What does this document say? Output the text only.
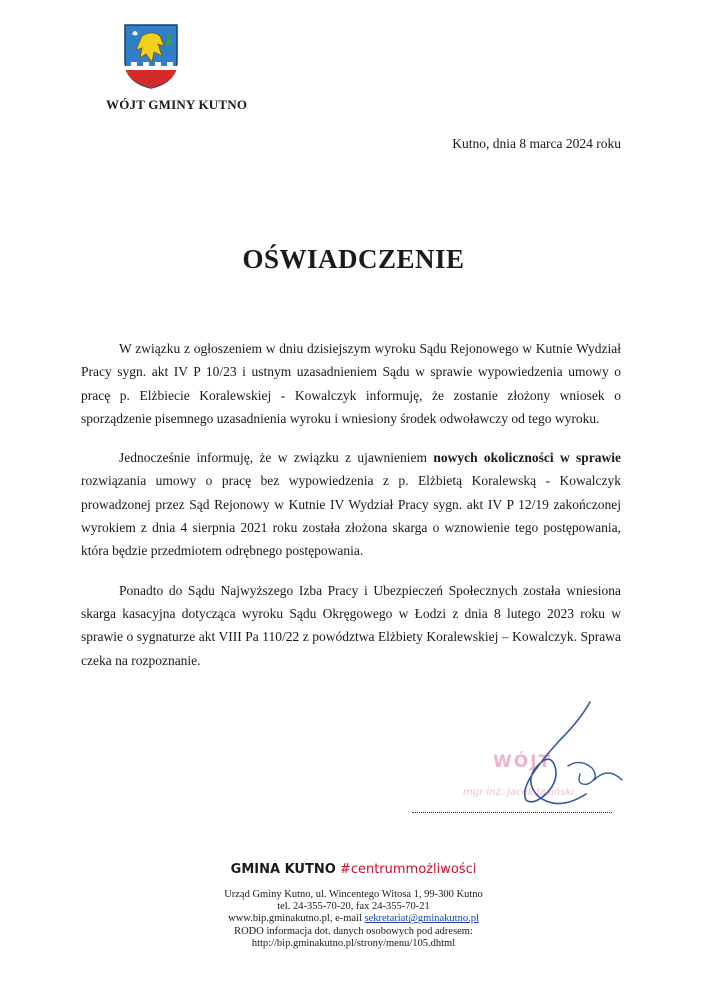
WÓJT GMINY KUTNO
Kutno, dnia 8 marca 2024 roku
OŚWIADCZENIE

W związku z ogłoszeniem w dniu dzisiejszym wyroku Sądu Rejonowego w Kutnie Wydział Pracy sygn. akt IV P 10/23 i ustnym uzasadnieniem Sądu w sprawie wypowiedzenia umowy o pracę p. Elżbiecie Koralewskiej - Kowalczyk informuję, że zostanie złożony wniosek o sporządzenie pisemnego uzasadnienia wyroku i wniesiony środek odwoławczy od tego wyroku.

Jednocześnie informuję, że w związku z ujawnieniem nowych okoliczności w sprawie rozwiązania umowy o pracę bez wypowiedzenia z p. Elżbietą Koralewską - Kowalczyk prowadzonej przez Sąd Rejonowy w Kutnie IV Wydział Pracy sygn. akt IV P 12/19 zakończonej wyrokiem z dnia 4 sierpnia 2021 roku została złożona skarga o wznowienie tego postępowania, która będzie przedmiotem odrębnego postępowania.

Ponadto do Sądu Najwyższego Izba Pracy i Ubezpieczeń Społecznych została wniesiona skarga kasacyjna dotycząca wyroku Sądu Okręgowego w Łodzi z dnia 8 lutego 2023 roku w sprawie o sygnaturze akt VIII Pa 110/22 z powództwa Elżbiety Koralewskiej – Kowalczyk. Sprawa czeka na rozpoznanie.

WÓJT
mgr inż. Jacek Jasiński
GMINA KUTNO #centrummożliwości
Urząd Gminy Kutno, ul. Wincentego Witosa 1, 99-300 Kutno
tel. 24-355-70-20, fax 24-355-70-21
www.bip.gminakutno.pl, e-mail sekretariat@gminakutno.pl
RODO informacja dot. danych osobowych pod adresem:
http://bip.gminakutno.pl/strony/menu/105.dhtml
